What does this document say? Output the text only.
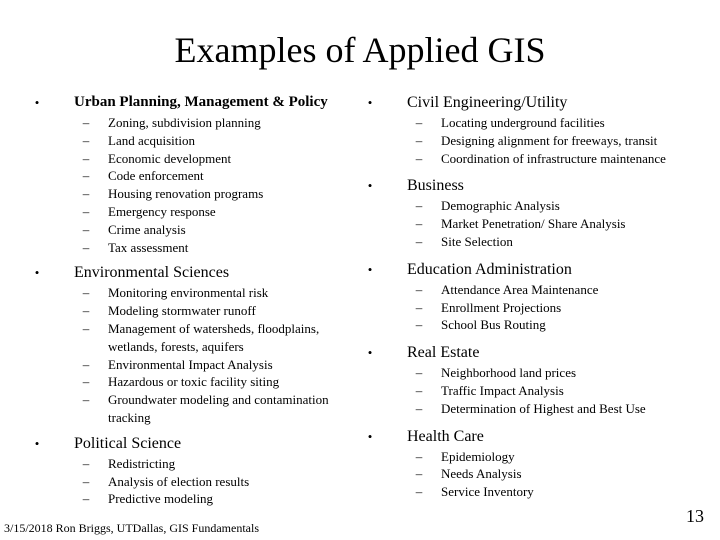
Examples of Applied GIS
•	Urban Planning, Management & Policy
– Zoning, subdivision planning
– Land acquisition
– Economic development
– Code enforcement
– Housing renovation programs
– Emergency response
– Crime analysis
– Tax assessment
• Environmental Sciences
– Monitoring environmental risk
– Modeling stormwater runoff
– Management of watersheds, floodplains, wetlands, forests, aquifers
– Environmental Impact Analysis
– Hazardous or toxic facility siting
– Groundwater modeling and contamination tracking
• Political Science
– Redistricting
– Analysis of election results
– Predictive modeling
• Civil Engineering/Utility
– Locating underground facilities
– Designing alignment for freeways, transit
– Coordination of infrastructure maintenance
• Business
– Demographic Analysis
– Market Penetration/ Share Analysis
– Site Selection
• Education Administration
– Attendance Area Maintenance
– Enrollment Projections
– School Bus Routing
• Real Estate
– Neighborhood land prices
– Traffic Impact Analysis
– Determination of Highest and Best Use
• Health Care
– Epidemiology
– Needs Analysis
– Service Inventory
3/15/2018 Ron Briggs, UTDallas, GIS Fundamentals
13
